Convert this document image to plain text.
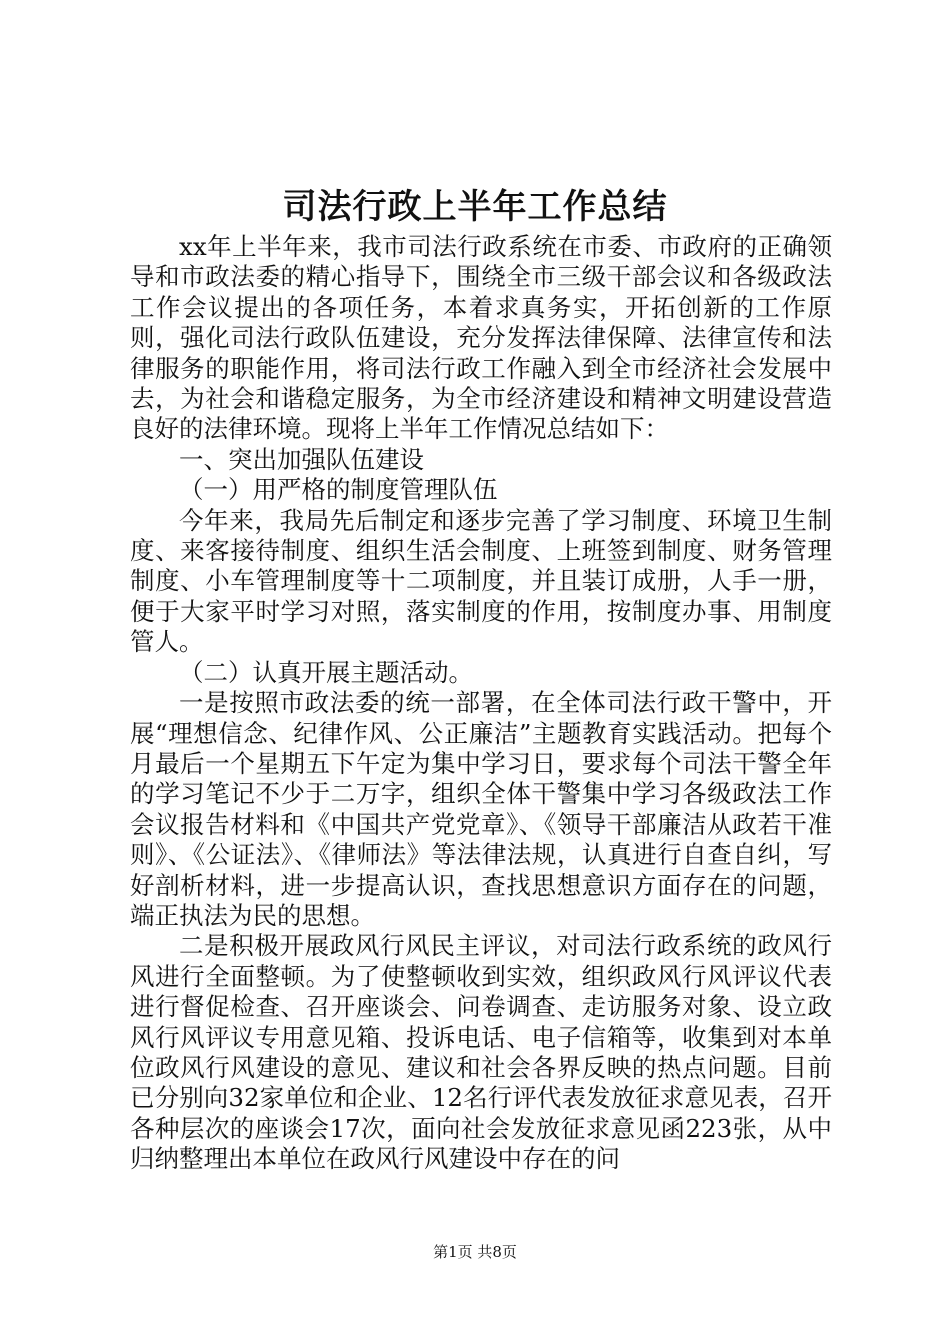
司法行政上半年工作总结

xx年上半年来，我市司法行政系统在市委、市政府的正确领导和市政法委的精心指导下，围绕全市三级干部会议和各级政法工作会议提出的各项任务，本着求真务实，开拓创新的工作原则，强化司法行政队伍建设，充分发挥法律保障、法律宣传和法律服务的职能作用，将司法行政工作融入到全市经济社会发展中去，为社会和谐稳定服务，为全市经济建设和精神文明建设营造良好的法律环境。现将上半年工作情况总结如下：

一、突出加强队伍建设

（一）用严格的制度管理队伍

今年来，我局先后制定和逐步完善了学习制度、环境卫生制度、来客接待制度、组织生活会制度、上班签到制度、财务管理制度、小车管理制度等十二项制度，并且装订成册，人手一册，便于大家平时学习对照，落实制度的作用，按制度办事、用制度管人。

（二）认真开展主题活动。

一是按照市政法委的统一部署，在全体司法行政干警中，开展“理想信念、纪律作风、公正廉洁”主题教育实践活动。把每个月最后一个星期五下午定为集中学习日，要求每个司法干警全年的学习笔记不少于二万字，组织全体干警集中学习各级政法工作会议报告材料和《中国共产党党章》、《领导干部廉洁从政若干准则》、《公证法》、《律师法》等法律法规，认真进行自查自纠，写好剖析材料，进一步提高认识，查找思想意识方面存在的问题，端正执法为民的思想。

二是积极开展政风行风民主评议，对司法行政系统的政风行风进行全面整顿。为了使整顿收到实效，组织政风行风评议代表进行督促检查、召开座谈会、问卷调查、走访服务对象、设立政风行风评议专用意见箱、投诉电话、电子信箱等，收集到对本单位政风行风建设的意见、建议和社会各界反映的热点问题。目前已分别向32家单位和企业、12名行评代表发放征求意见表，召开各种层次的座谈会17次，面向社会发放征求意见函223张，从中归纳整理出本单位在政风行风建设中存在的问

第1页 共8页
